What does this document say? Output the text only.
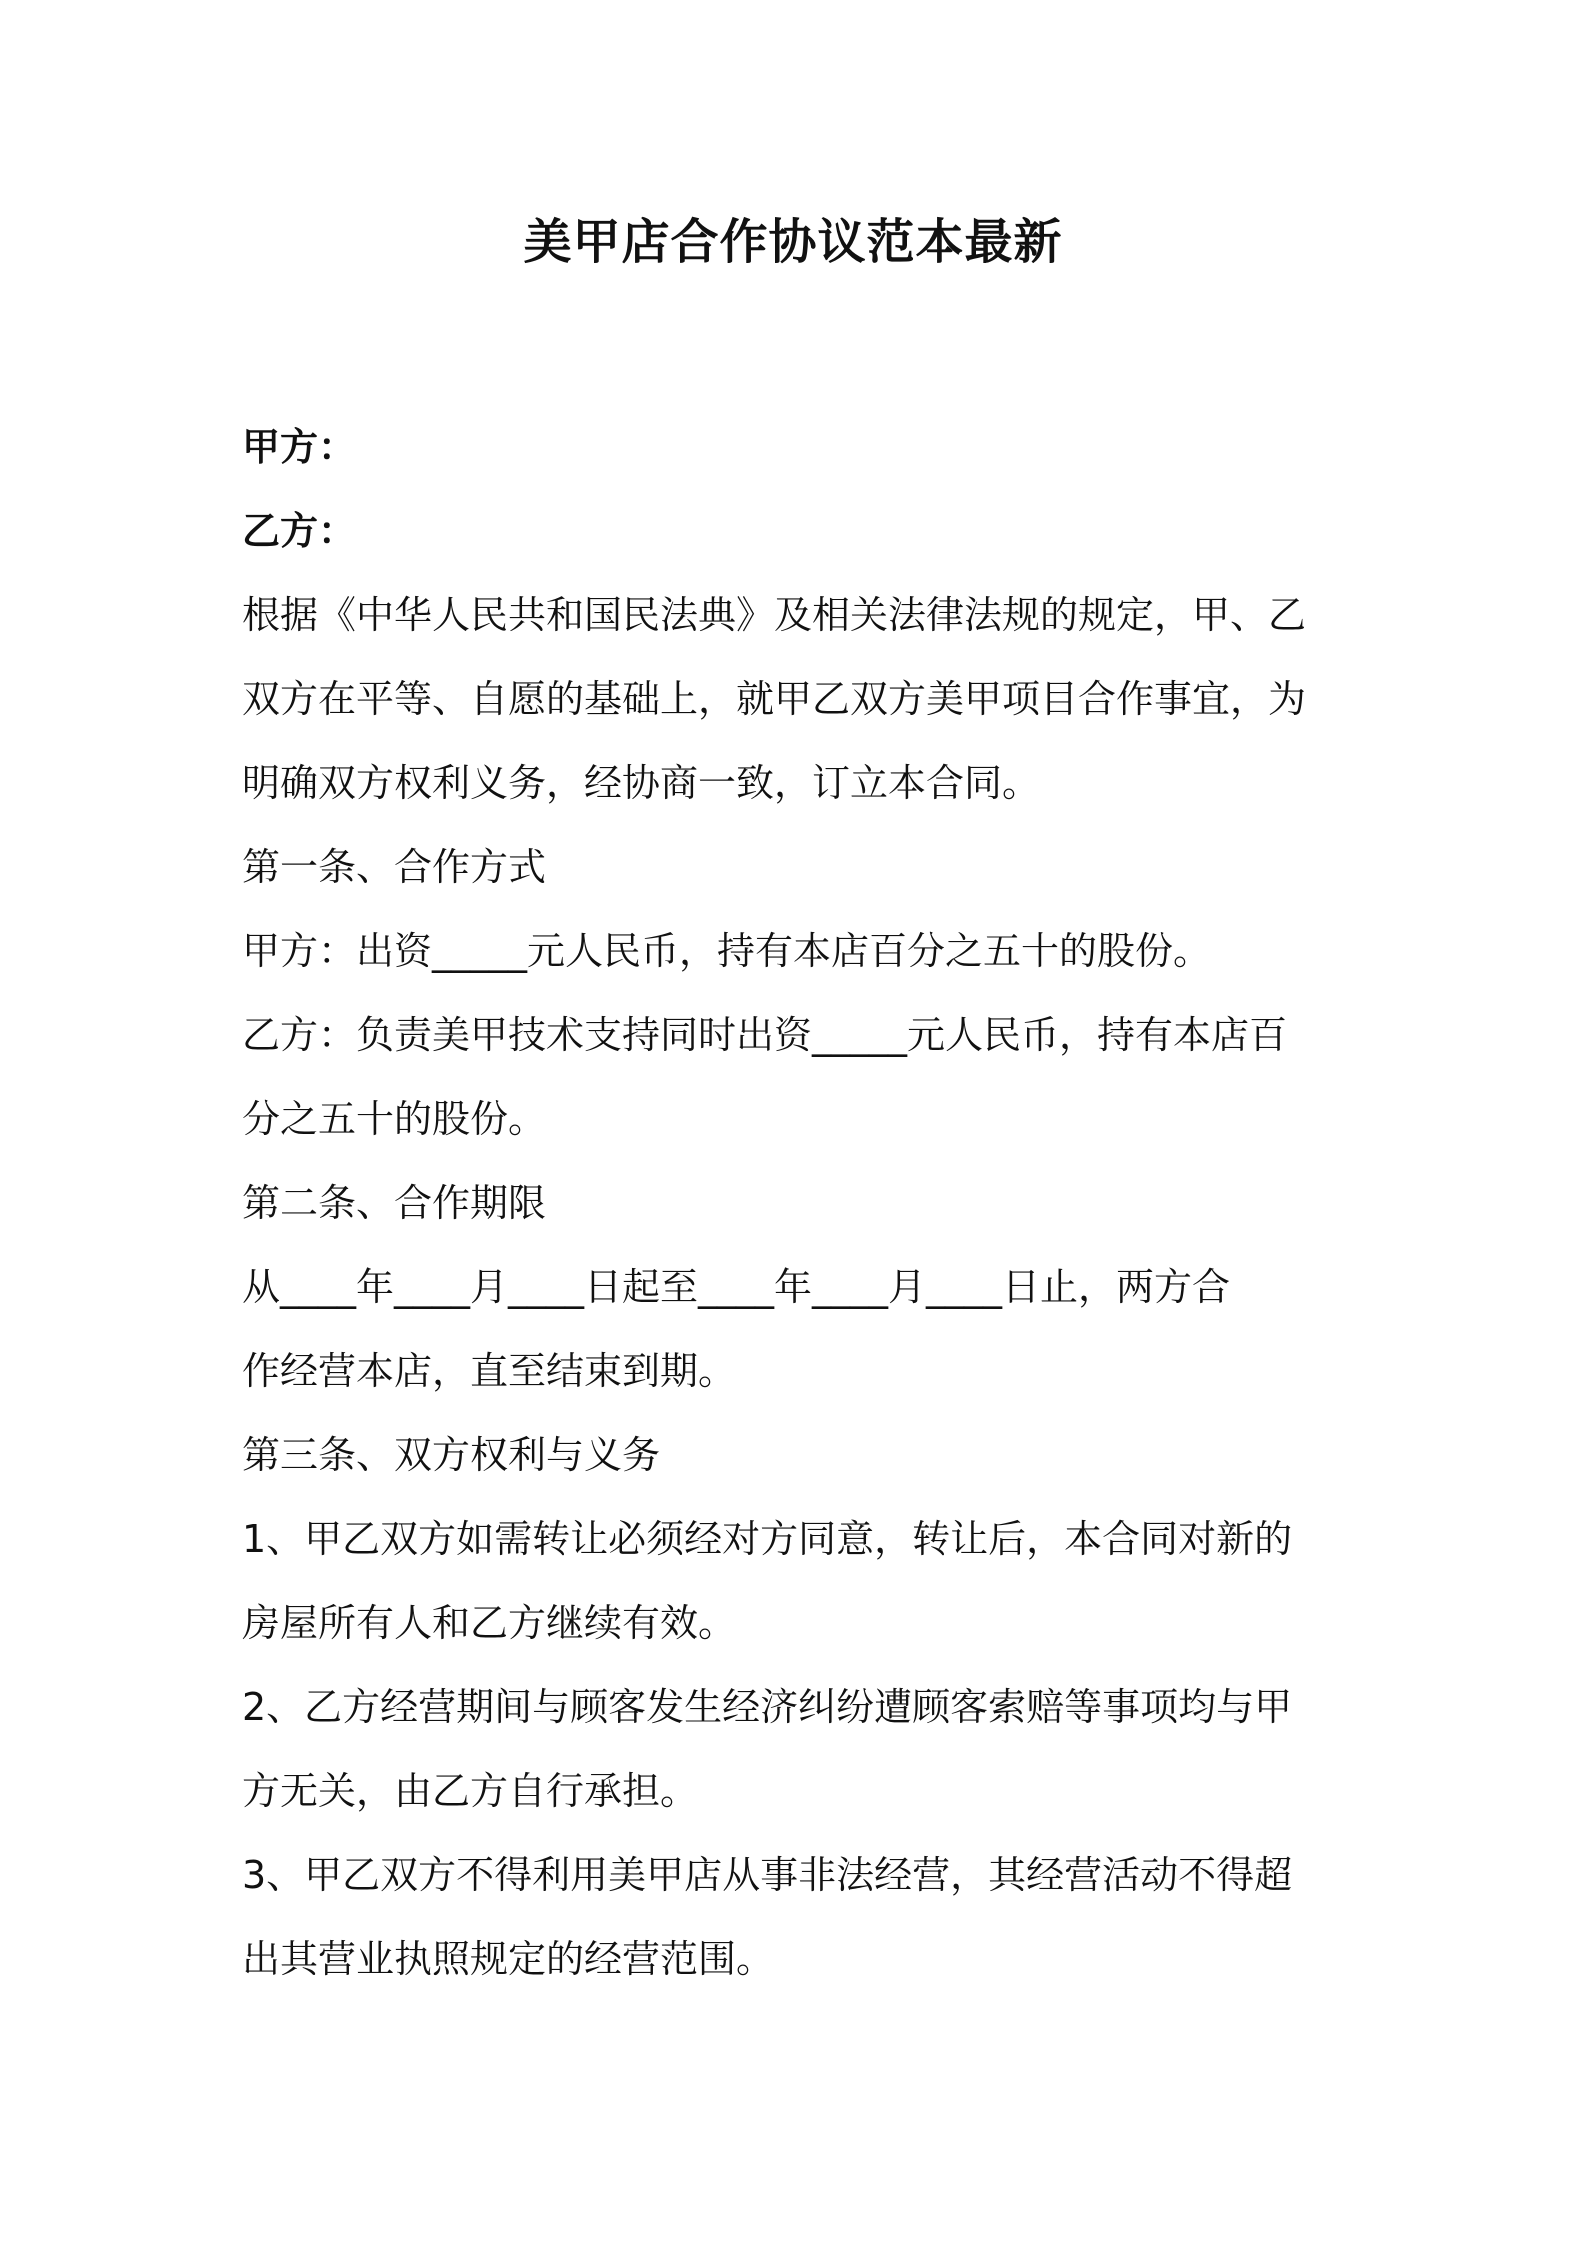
美甲店合作协议范本最新
甲方：
乙方：
根据《中华人民共和国民法典》及相关法律法规的规定，甲、乙
双方在平等、自愿的基础上，就甲乙双方美甲项目合作事宜，为
明确双方权利义务，经协商一致，订立本合同。
第一条、合作方式
甲方：出资_____元人民币，持有本店百分之五十的股份。
乙方：负责美甲技术支持同时出资_____元人民币，持有本店百
分之五十的股份。
第二条、合作期限
从____年____月____日起至____年____月____日止，两方合
作经营本店，直至结束到期。
第三条、双方权利与义务
1、甲乙双方如需转让必须经对方同意，转让后，本合同对新的
房屋所有人和乙方继续有效。
2、乙方经营期间与顾客发生经济纠纷遭顾客索赔等事项均与甲
方无关，由乙方自行承担。
3、甲乙双方不得利用美甲店从事非法经营，其经营活动不得超
出其营业执照规定的经营范围。
